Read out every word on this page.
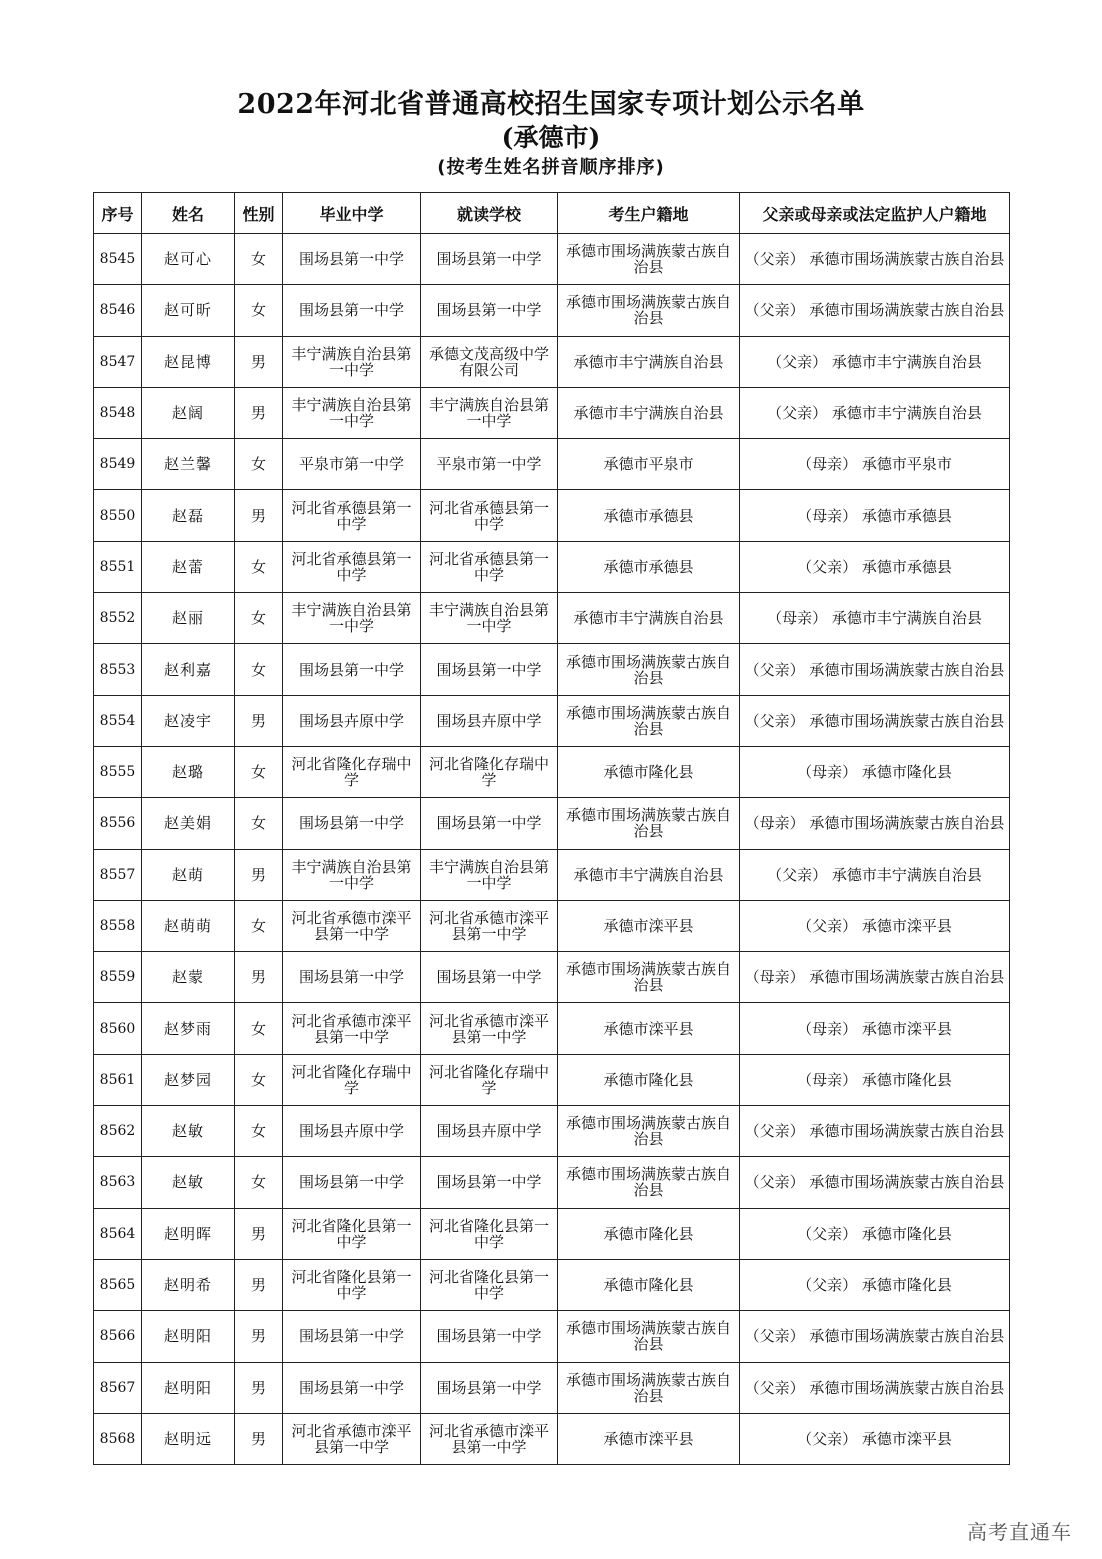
2022年河北省普通高校招生国家专项计划公示名单
(承德市)
(按考生姓名拼音顺序排序)
序号	姓名	性别	毕业中学	就读学校	考生户籍地	父亲或母亲或法定监护人户籍地
8545	赵可心	女	围场县第一中学	围场县第一中学	承德市围场满族蒙古族自治县	（父亲） 承德市围场满族蒙古族自治县
8546	赵可昕	女	围场县第一中学	围场县第一中学	承德市围场满族蒙古族自治县	（父亲） 承德市围场满族蒙古族自治县
8547	赵昆博	男	丰宁满族自治县第一中学	承德文茂高级中学有限公司	承德市丰宁满族自治县	（父亲） 承德市丰宁满族自治县
8548	赵阔	男	丰宁满族自治县第一中学	丰宁满族自治县第一中学	承德市丰宁满族自治县	（父亲） 承德市丰宁满族自治县
8549	赵兰馨	女	平泉市第一中学	平泉市第一中学	承德市平泉市	（母亲） 承德市平泉市
8550	赵磊	男	河北省承德县第一中学	河北省承德县第一中学	承德市承德县	（母亲） 承德市承德县
8551	赵蕾	女	河北省承德县第一中学	河北省承德县第一中学	承德市承德县	（父亲） 承德市承德县
8552	赵丽	女	丰宁满族自治县第一中学	丰宁满族自治县第一中学	承德市丰宁满族自治县	（母亲） 承德市丰宁满族自治县
8553	赵利嘉	女	围场县第一中学	围场县第一中学	承德市围场满族蒙古族自治县	（父亲） 承德市围场满族蒙古族自治县
8554	赵凌宇	男	围场县卉原中学	围场县卉原中学	承德市围场满族蒙古族自治县	（父亲） 承德市围场满族蒙古族自治县
8555	赵璐	女	河北省隆化存瑞中学	河北省隆化存瑞中学	承德市隆化县	（母亲） 承德市隆化县
8556	赵美娟	女	围场县第一中学	围场县第一中学	承德市围场满族蒙古族自治县	（母亲） 承德市围场满族蒙古族自治县
8557	赵萌	男	丰宁满族自治县第一中学	丰宁满族自治县第一中学	承德市丰宁满族自治县	（父亲） 承德市丰宁满族自治县
8558	赵萌萌	女	河北省承德市滦平县第一中学	河北省承德市滦平县第一中学	承德市滦平县	（父亲） 承德市滦平县
8559	赵蒙	男	围场县第一中学	围场县第一中学	承德市围场满族蒙古族自治县	（母亲） 承德市围场满族蒙古族自治县
8560	赵梦雨	女	河北省承德市滦平县第一中学	河北省承德市滦平县第一中学	承德市滦平县	（母亲） 承德市滦平县
8561	赵梦园	女	河北省隆化存瑞中学	河北省隆化存瑞中学	承德市隆化县	（母亲） 承德市隆化县
8562	赵敏	女	围场县卉原中学	围场县卉原中学	承德市围场满族蒙古族自治县	（父亲） 承德市围场满族蒙古族自治县
8563	赵敏	女	围场县第一中学	围场县第一中学	承德市围场满族蒙古族自治县	（父亲） 承德市围场满族蒙古族自治县
8564	赵明晖	男	河北省隆化县第一中学	河北省隆化县第一中学	承德市隆化县	（父亲） 承德市隆化县
8565	赵明希	男	河北省隆化县第一中学	河北省隆化县第一中学	承德市隆化县	（父亲） 承德市隆化县
8566	赵明阳	男	围场县第一中学	围场县第一中学	承德市围场满族蒙古族自治县	（父亲） 承德市围场满族蒙古族自治县
8567	赵明阳	男	围场县第一中学	围场县第一中学	承德市围场满族蒙古族自治县	（父亲） 承德市围场满族蒙古族自治县
8568	赵明远	男	河北省承德市滦平县第一中学	河北省承德市滦平县第一中学	承德市滦平县	（父亲） 承德市滦平县
高考直通车
